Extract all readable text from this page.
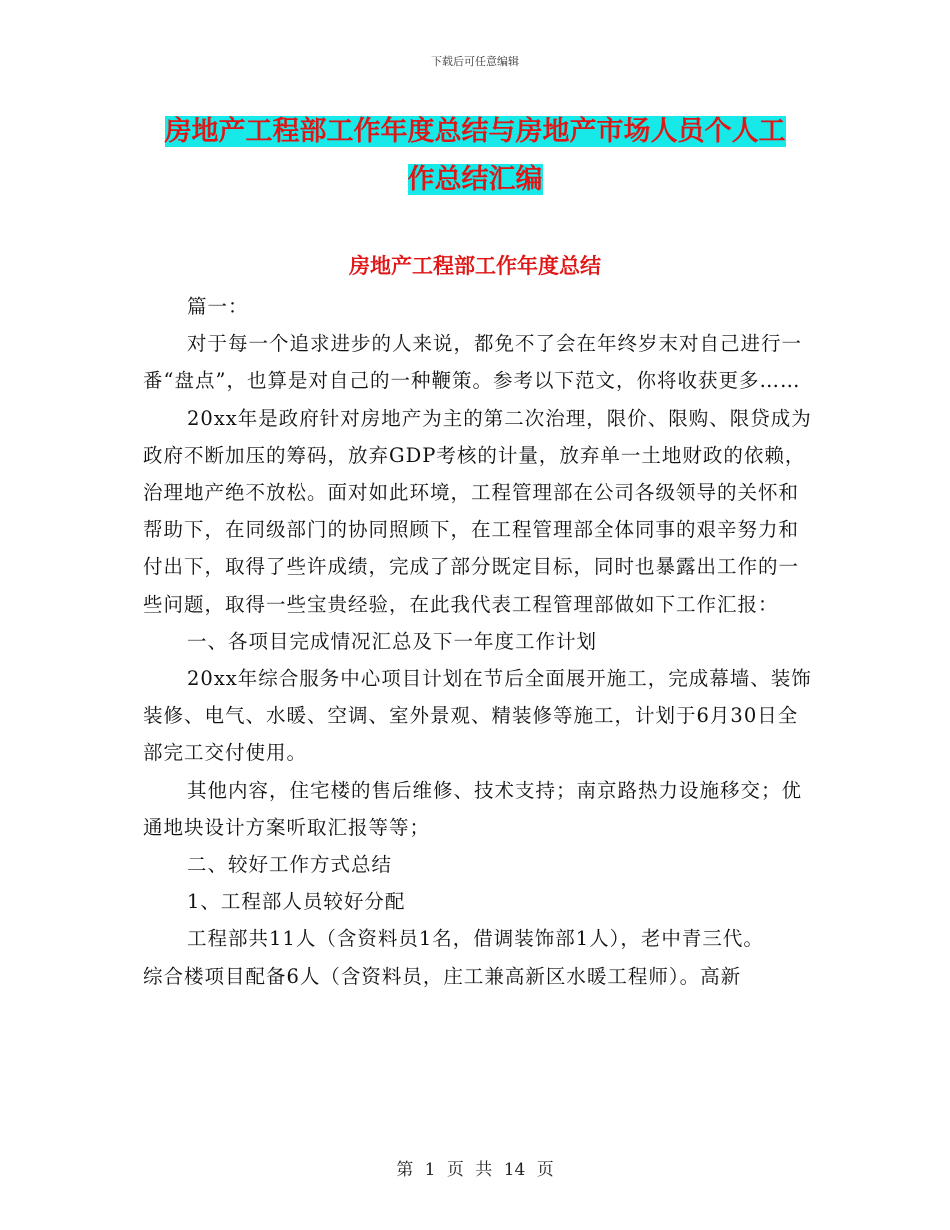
下载后可任意编辑
房地产工程部工作年度总结与房地产市场人员个人工
作总结汇编
房地产工程部工作年度总结

篇一：

对于每一个追求进步的人来说，都免不了会在年终岁末对自己进行一番“盘点”，也算是对自己的一种鞭策。参考以下范文，你将收获更多……

20xx年是政府针对房地产为主的第二次治理，限价、限购、限贷成为政府不断加压的筹码，放弃GDP考核的计量，放弃单一土地财政的依赖，治理地产绝不放松。面对如此环境，工程管理部在公司各级领导的关怀和帮助下，在同级部门的协同照顾下，在工程管理部全体同事的艰辛努力和付出下，取得了些许成绩，完成了部分既定目标，同时也暴露出工作的一些问题，取得一些宝贵经验，在此我代表工程管理部做如下工作汇报：

一、各项目完成情况汇总及下一年度工作计划

20xx年综合服务中心项目计划在节后全面展开施工，完成幕墙、装饰装修、电气、水暖、空调、室外景观、精装修等施工，计划于6月30日全部完工交付使用。

其他内容，住宅楼的售后维修、技术支持；南京路热力设施移交；优通地块设计方案听取汇报等等；

二、较好工作方式总结

1、工程部人员较好分配

工程部共11人（含资料员1名，借调装饰部1人），老中青三代。

综合楼项目配备6人（含资料员，庄工兼高新区水暖工程师）。高新

第 1 页 共 14 页
